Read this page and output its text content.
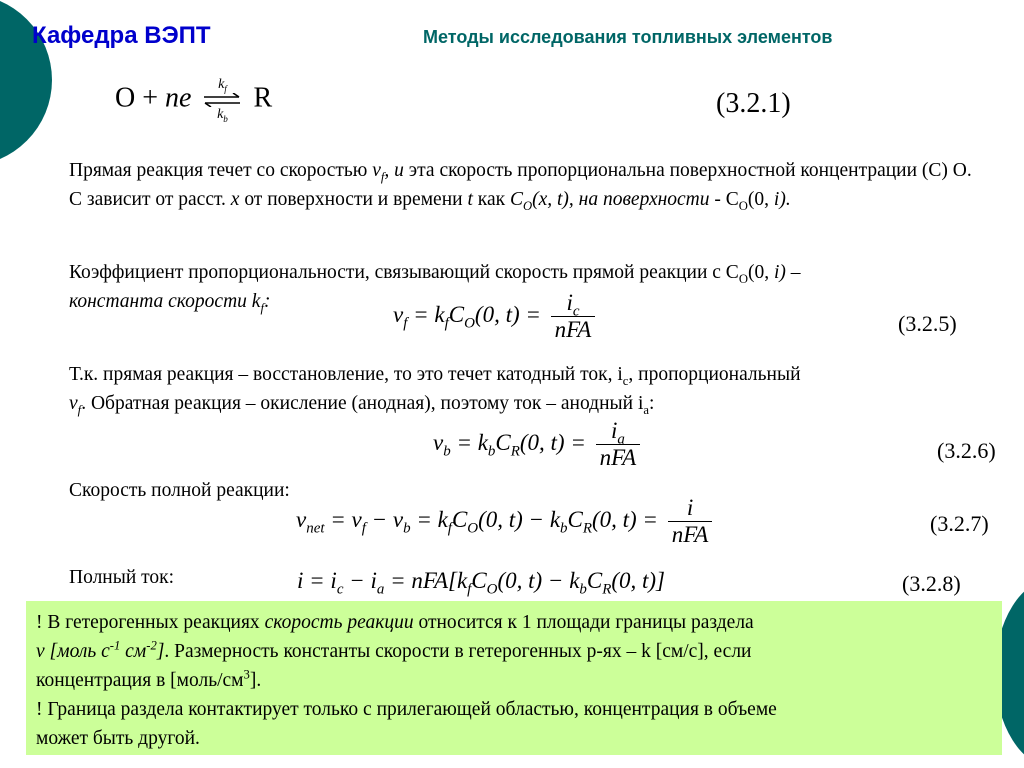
Кафедра ВЭПТ	Методы исследования топливных элементов
O + ne $k_f$
$k_b$ R	(3.2.1)
Прямая реакция течет со скоростью $v_f$, и эта скорость пропорциональна поверхностной концентрации (С) О. С зависит от расст. x от поверхности и времени t как $C_O(x$, t), на поверхности - $С_O(0$, i).
Коэффициент пропорциональности, связывающий скорость прямой реакции с $С_O(0$, i) –
константа скорости $k_f$:
$v_f = k_fC_O(0$, $t) = \frac{i_c}{\text{nFA}}$	(3.2.5)
Т.к. прямая реакция – восстановление, то это течет катодный ток, $i_c$, пропорциональный
$v_f$. Обратная реакция – окисление (анодная), поэтому ток – анодный $i_a$:
$v_b = k_bC_R(0$, $t) = \frac{i_a}{\text{nFA}}$	(3.2.6)
Скорость полной реакции:
$v_{net} = v_f - v_b = k_fC_O(0$, $t) - k_bC_R(0$, $t) = \frac{i}{\text{nFA}}$	(3.2.7)
Полный ток:	$i = i_c - i_a = nFA[k_fC_O(0$, $t) - k_bC_R(0$, t)]	(3.2.8)

! В гетерогенных реакциях скорость реакции относится к 1 площади границы раздела

v [моль $с^{-1}$ $см^{-2}$]. Размерность константы скорости в гетерогенных р-ях – k [см/с], если

концентрация в $[моль/см^3]$.

! Граница раздела контактирует только с прилегающей областью, концентрация в объеме

может быть другой.
